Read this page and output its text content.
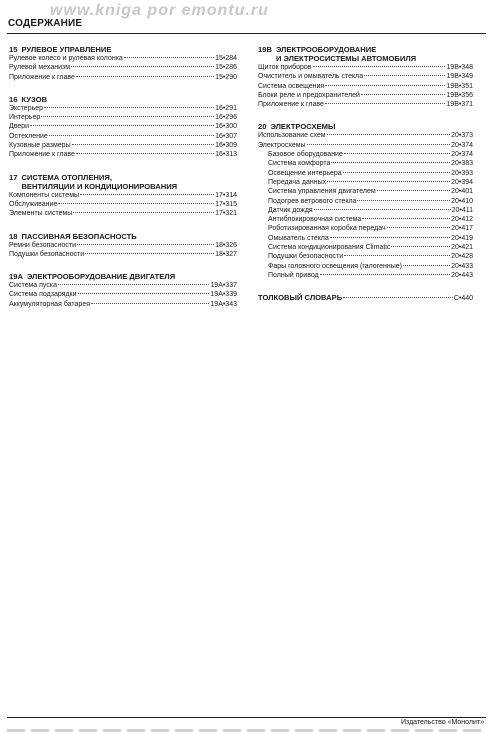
www.kniga por emontu.ru
СОДЕРЖАНИЕ
15 РУЛЕВОЕ УПРАВЛЕНИЕ
Рулевое колесо и рулевая колонка	15•284
Рулевой механизм	15•286
Приложение к главе	15•290
16 КУЗОВ
Экстерьер	16•291
Интерьер	16•296
Двери	16•300
Остекление	16•307
Кузовные размеры	16•309
Приложение к главе	16•313
17 СИСТЕМА ОТОПЛЕНИЯ,
ВЕНТИЛЯЦИИ И КОНДИЦИОНИРОВАНИЯ
Компоненты системы	17•314
Обслуживание	17•315
Элементы системы	17•321
18 ПАССИВНАЯ БЕЗОПАСНОСТЬ
Ремни безопасности	18•326
Подушки безопасности	18•327
19A ЭЛЕКТРООБОРУДОВАНИЕ ДВИГАТЕЛЯ
Система пуска	19A•337
Система подзарядки	19A•339
Аккумуляторная батарея	19A•343
19B ЭЛЕКТРООБОРУДОВАНИЕ
И ЭЛЕКТРОСИСТЕМЫ АВТОМОБИЛЯ
Щиток приборов	19B•348
Очиститель и омыватель стекла	19B•349
Система освещения	19B•351
Блоки реле и предохранителей	19B•356
Приложение к главе	19B•371
20 ЭЛЕКТРОСХЕМЫ
Использование схем	20•373
Электросхемы	20•374
Базовое оборудование	20•374
Система комфорта	20•383
Освещение интерьера	20•393
Передача данных	20•394
Система управления двигателем	20•401
Подогрев ветрового стекла	20•410
Датчик дождя	20•411
Антиблокировочная система	20•412
Роботизированная коробка передач	20•417
Омыватель стекла	20•419
Система кондиционирования Climatic	20•421
Подушки безопасности	20•428
Фары головного освещения (галогенные)	20•433
Полный привод	20•443
ТОЛКОВЫЙ СЛОВАРЬ	С•440
Издательство «Монолит»
